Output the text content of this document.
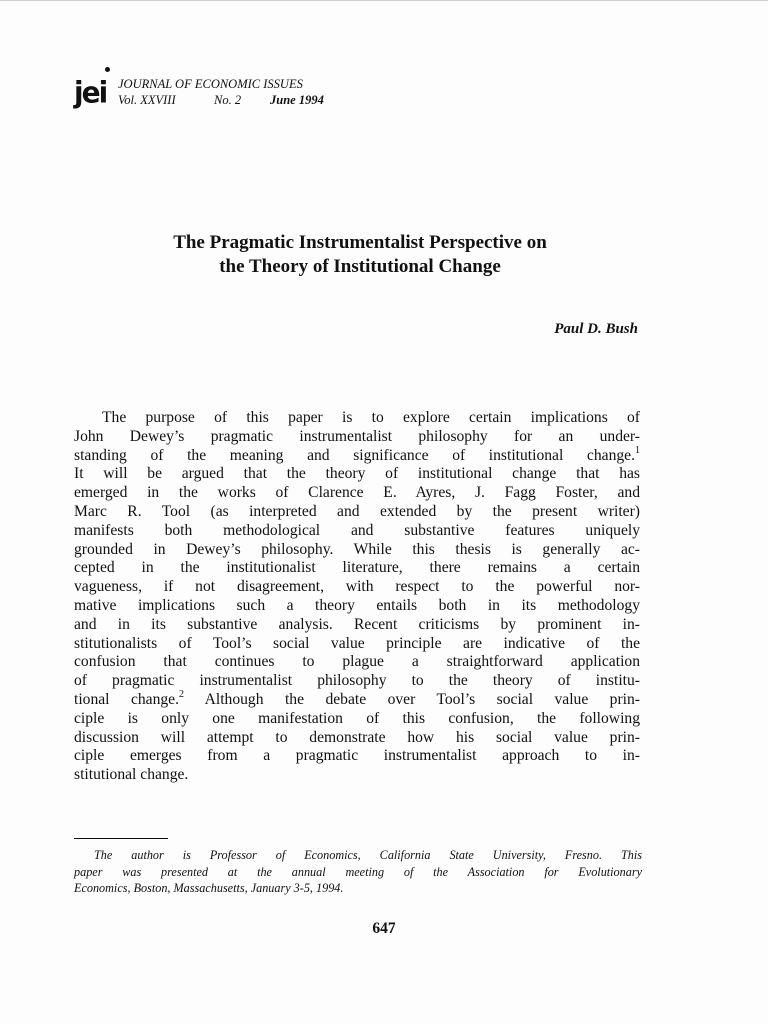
jei JOURNAL OF ECONOMIC ISSUES
Vol. XXVIII	No. 2 June 1994
The Pragmatic Instrumentalist Perspective on
the Theory of Institutional Change
Paul D. Bush
The purpose of this paper is to explore certain implications of
John Dewey’s pragmatic instrumentalist philosophy for an under-
standing of the meaning and significance of institutional change.$^1$
It will be argued that the theory of institutional change that has
emerged in the works of Clarence E. Ayres, J. Fagg Foster, and
Marc R. Tool (as interpreted and extended by the present writer)
manifests both methodological and substantive features uniquely
grounded in Dewey’s philosophy. While this thesis is generally ac-
cepted in the institutionalist literature, there remains a certain
vagueness, if not disagreement, with respect to the powerful nor-
mative implications such a theory entails both in its methodology
and in its substantive analysis. Recent criticisms by prominent in-
stitutionalists of Tool’s social value principle are indicative of the
confusion that continues to plague a straightforward application
of pragmatic instrumentalist philosophy to the theory of institu-
tional change.$^2$ Although the debate over Tool’s social value prin-
ciple is only one manifestation of this confusion, the following
discussion will attempt to demonstrate how his social value prin-
ciple emerges from a pragmatic instrumentalist approach to in-
stitutional change.
The author is Professor of Economics, California State University, Fresno. This
paper was presented at the annual meeting of the Association for Evolutionary
Economics, Boston, Massachusetts, January 3-5, 1994.
647
